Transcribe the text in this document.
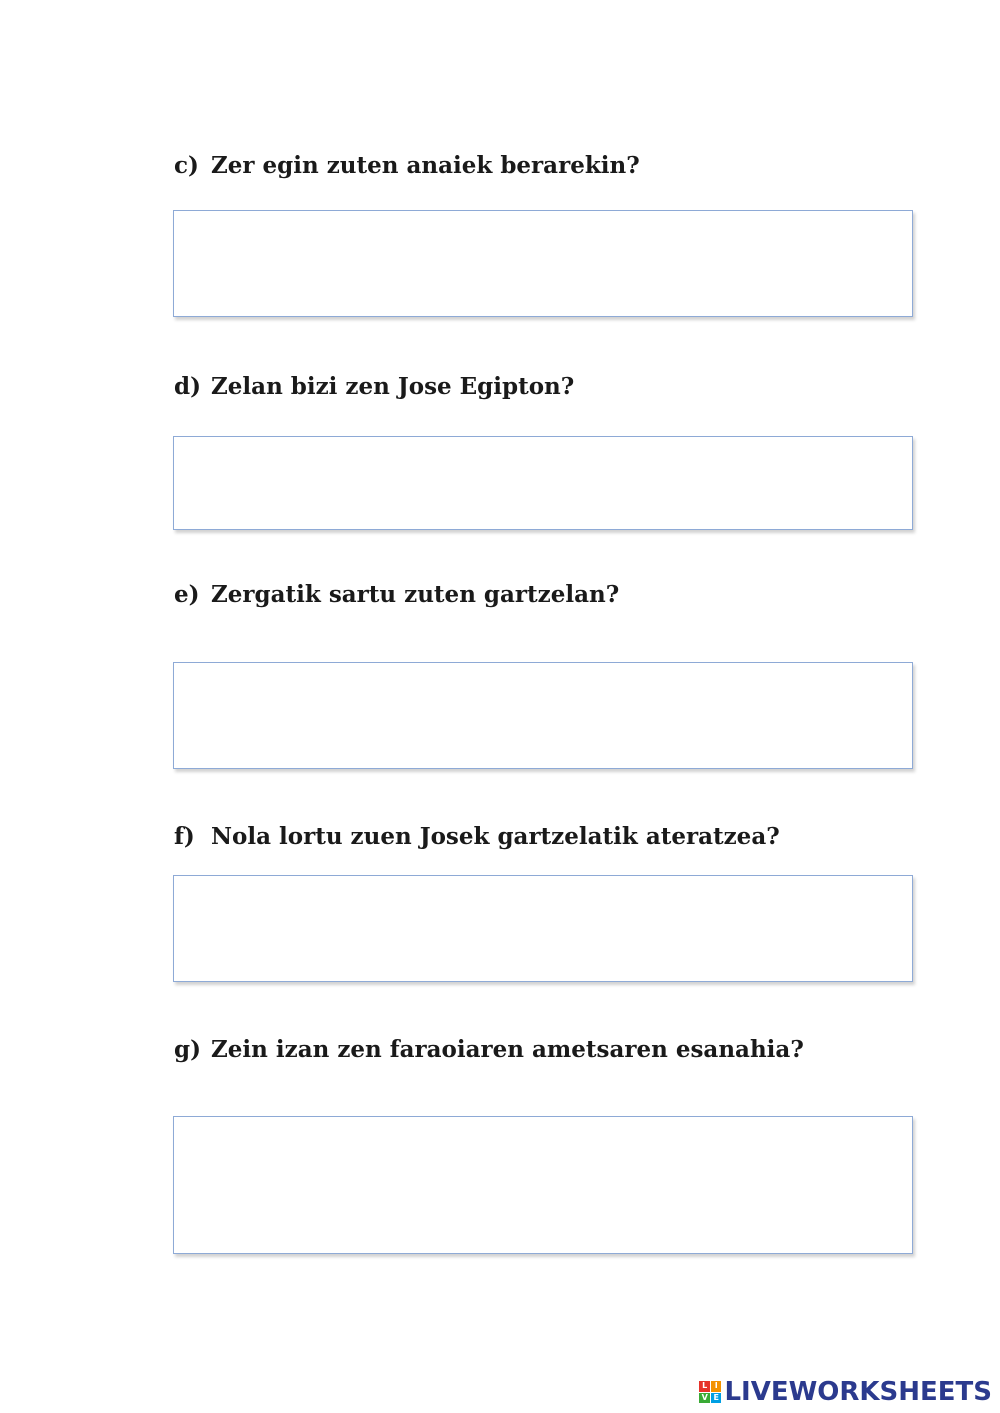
c) Zer egin zuten anaiek berarekin?
d) Zelan bizi zen Jose Egipton?
e) Zergatik sartu zuten gartzelan?
f) Nola lortu zuen Josek gartzelatik ateratzea?
g) Zein izan zen faraoiaren ametsaren esanahia?
L I
V E LIVEWORKSHEETS
